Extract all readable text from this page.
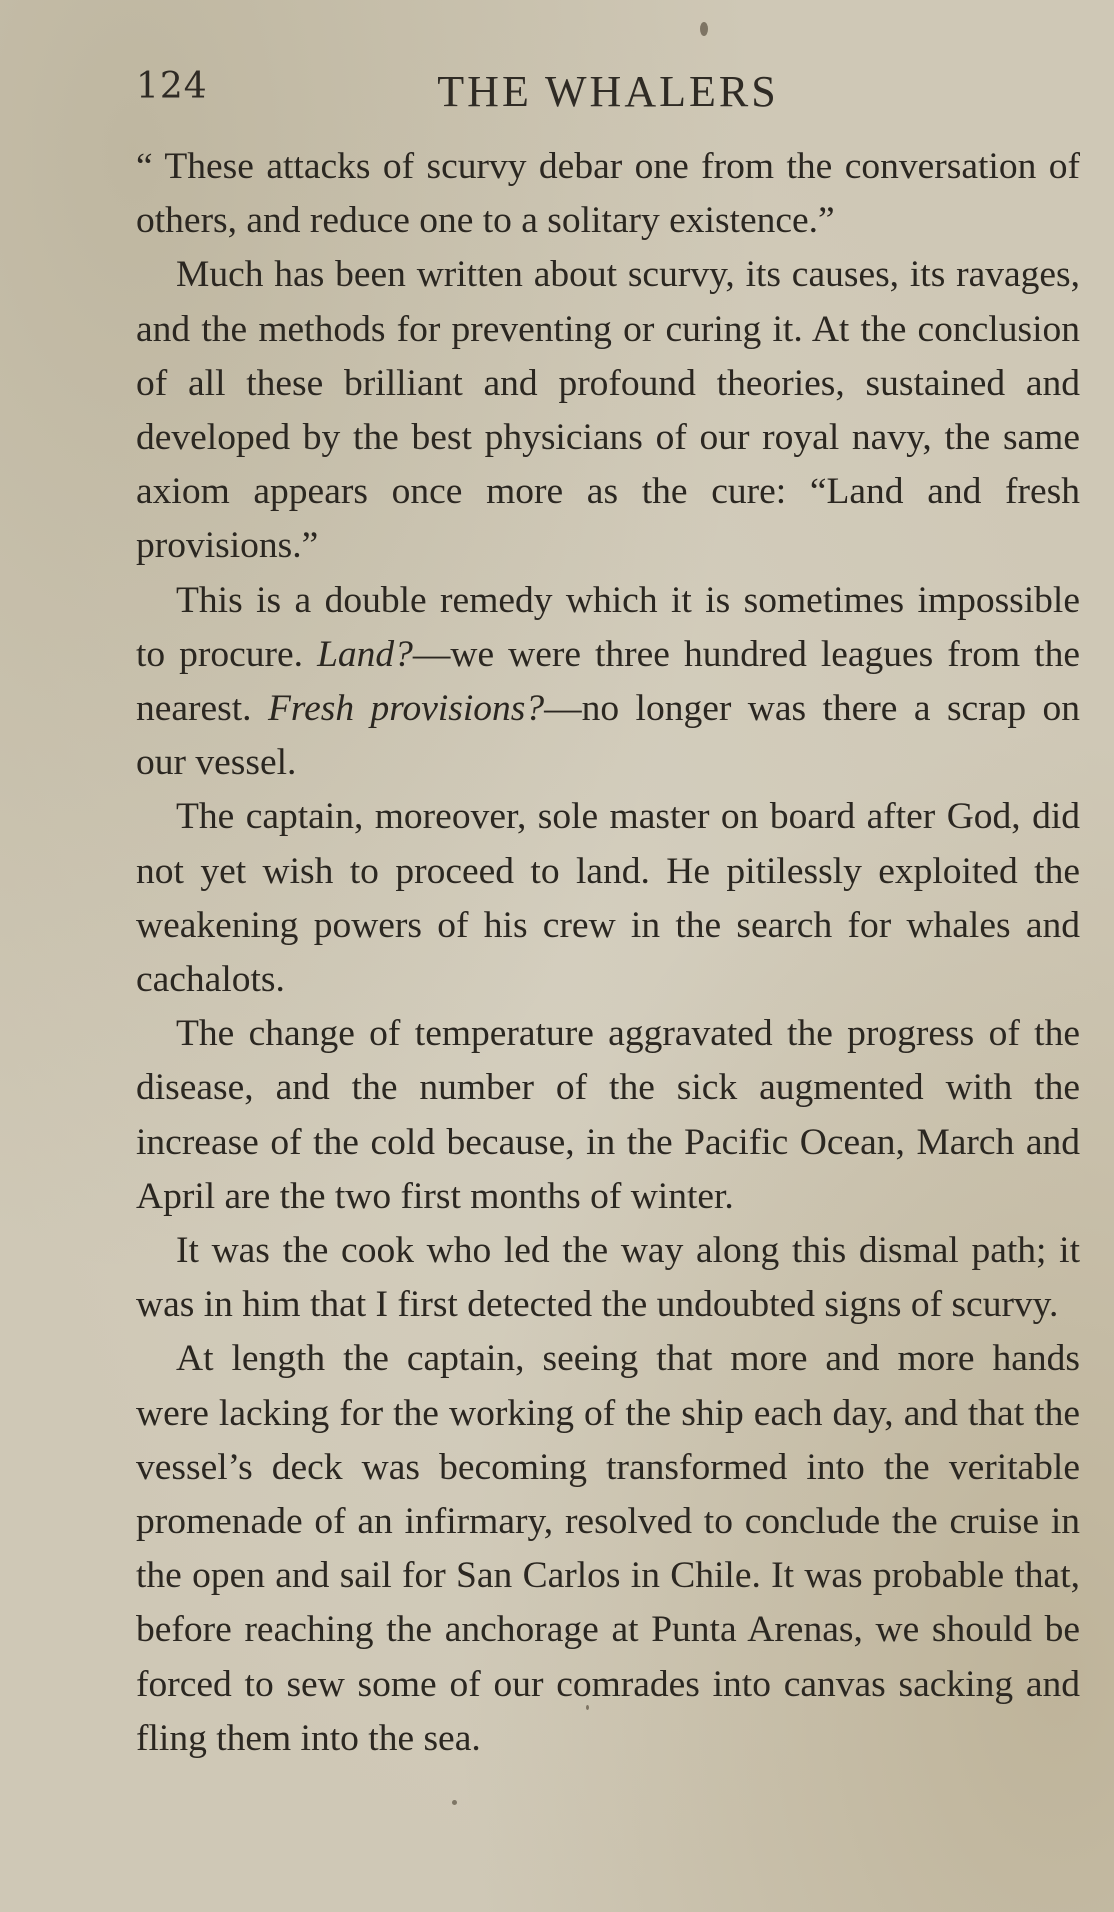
124	THE WHALERS

“ These attacks of scurvy debar one from the conversation of others, and reduce one to a solitary existence.”

Much has been written about scurvy, its causes, its ravages, and the methods for preventing or curing it. At the conclusion of all these brilliant and profound theories, sustained and developed by the best physicians of our royal navy, the same axiom appears once more as the cure: “Land and fresh provisions.”

This is a double remedy which it is sometimes impossible to procure. Land?—we were three hundred leagues from the nearest. Fresh provisions?—no longer was there a scrap on our vessel.

The captain, moreover, sole master on board after God, did not yet wish to proceed to land. He pitilessly exploited the weakening powers of his crew in the search for whales and cachalots.

The change of temperature aggravated the progress of the disease, and the number of the sick augmented with the increase of the cold because, in the Pacific Ocean, March and April are the two first months of winter.

It was the cook who led the way along this dismal path; it was in him that I first detected the undoubted signs of scurvy.

At length the captain, seeing that more and more hands were lacking for the working of the ship each day, and that the vessel’s deck was becoming transformed into the veritable promenade of an infirmary, resolved to conclude the cruise in the open and sail for San Carlos in Chile. It was probable that, before reaching the anchorage at Punta Arenas, we should be forced to sew some of our comrades into canvas sacking and fling them into the sea.
